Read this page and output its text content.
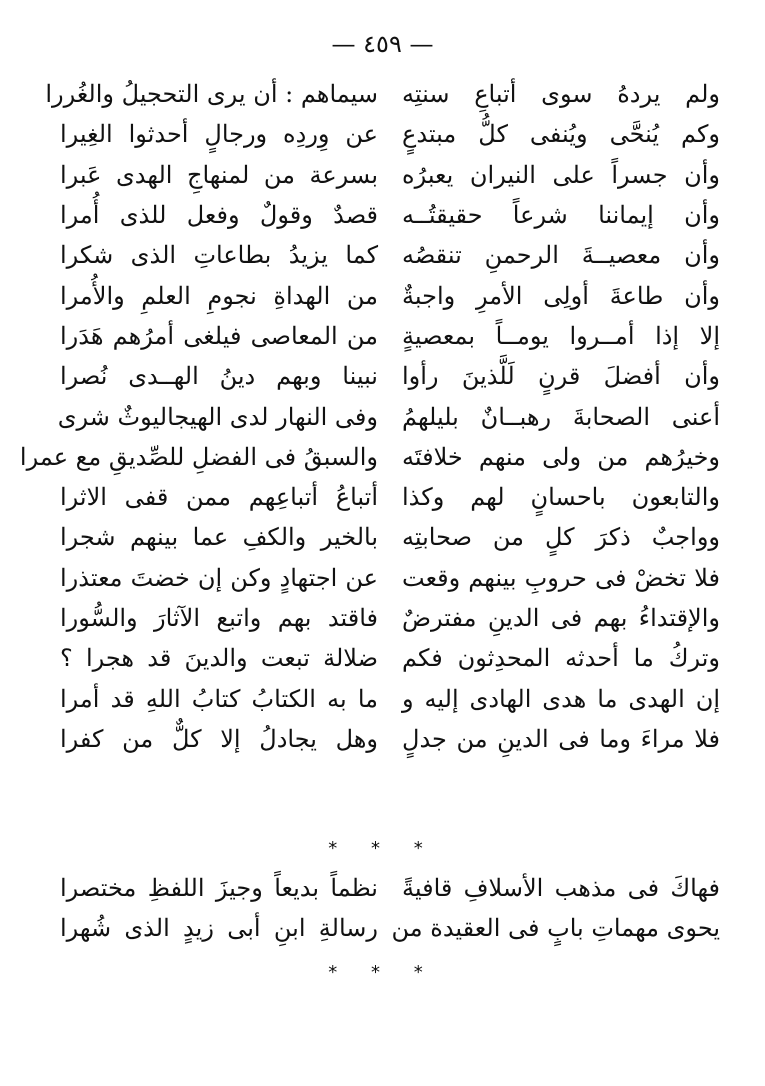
— ٤٥٩ —
ولم يردهُ سوى أتباعِ سنتِه
سيماهم : أن يرى التحجيلُ والغُررا
وكم يُنحَّى ويُنفى كلُّ مبتدعٍ
عن وِردِه ورجالٍ أحدثوا الغِيرا
وأن جسراً على النيران يعبرُه
بسرعة من لمنهاجِ الهدى عَبرا
وأن إيماننا شرعاً حقيقتُــه
قصدٌ وقولٌ وفعل للذى أُمرا
وأن معصيــةَ الرحمنِ تنقصُه
كما يزيدُ بطاعاتِ الذى شكرا
وأن طاعةَ أولِى الأمرِ واجبةٌ
من الهداةِ نجومِ العلمِ والأُمرا
إلا إذا أمــروا يومــاً بمعصيةٍ
من المعاصى فيلغى أمرُهم هَدَرا
وأن أفضلَ قرنٍ لَلَّذينَ رأوا
نبينا وبهم دينُ الهــدى نُصرا
أعنى الصحابةَ رهبــانٌ بليلهمُ
وفى النهار لدى الهيجاليوثٌ شرى
وخيرُهم من ولى منهم خلافتَه
والسبقُ فى الفضلِ للصِّديقِ مع عمرا
والتابعون باحسانٍ لهم وكذا
أتباعُ أتباعِهم ممن قفى الاثرا
وواجبٌ ذكرَ كلٍ من صحابتِه
بالخير والكفِ عما بينهم شجرا
فلا تخضْ فى حروبِ بينهم وقعت
عن اجتهادٍ وكن إن خضتَ معتذرا
والإقتداءُ بهم فى الدينِ مفترضٌ
فاقتد بهم واتبع الآثارَ والسُّورا
وتركُ ما أحدثه المحدِثون فكم
ضلالة تبعت والدينَ قد هجرا ؟
إن الهدى ما هدى الهادى إليه و
ما به الكتابُ كتابُ اللهِ قد أمرا
فلا مراءَ وما فى الدينِ من جدلٍ
وهل يجادلُ إلا كلٌّ من كفرا
* * *
فهاكَ فى مذهب الأسلافِ قافيةً
نظماً بديعاً وجيزَ اللفظِ مختصرا
يحوى مهماتِ بابٍ فى العقيدة من
رسالةِ ابنِ أبى زيدٍ الذى شُهرا
* * *
